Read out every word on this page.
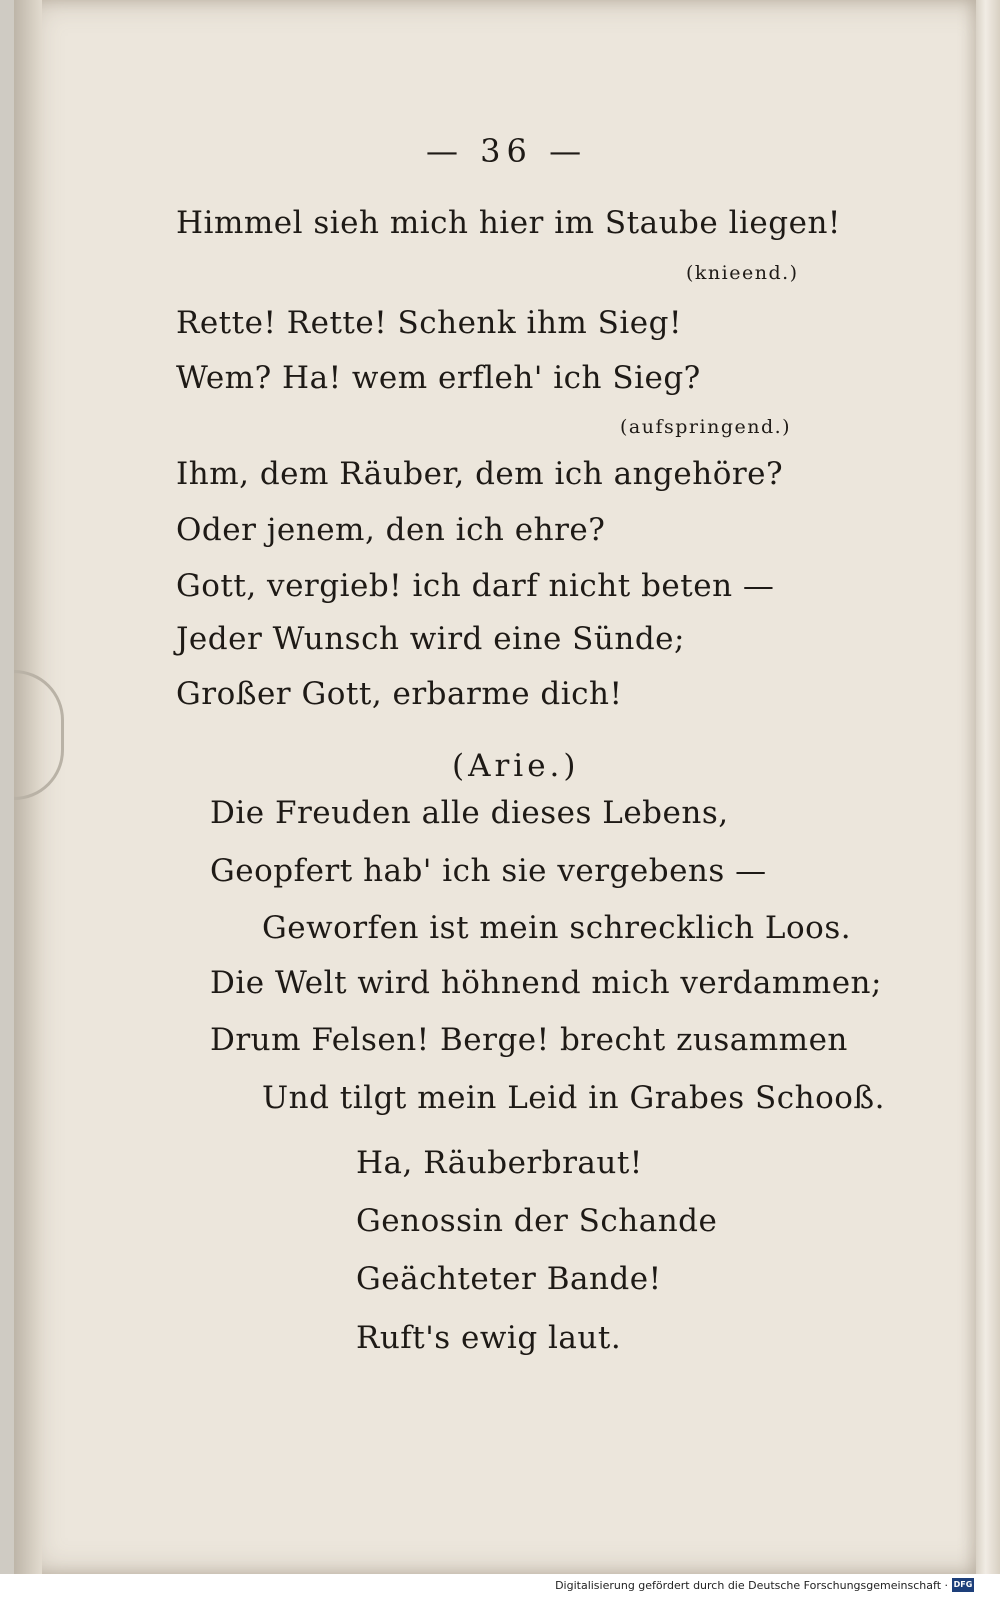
— 36 —
Himmel sieh mich hier im Staube liegen!
(knieend.)
Rette! Rette! Schenk ihm Sieg!
Wem? Ha! wem erfleh' ich Sieg?
(aufspringend.)
Ihm, dem Räuber, dem ich angehöre?
Oder jenem, den ich ehre?
Gott, vergieb! ich darf nicht beten —
Jeder Wunsch wird eine Sünde;
Großer Gott, erbarme dich!
(Arie.)
Die Freuden alle dieses Lebens,
Geopfert hab' ich sie vergebens —
Geworfen ist mein schrecklich Loos.
Die Welt wird höhnend mich verdammen;
Drum Felsen! Berge! brecht zusammen
Und tilgt mein Leid in Grabes Schooß.
Ha, Räuberbraut!
Genossin der Schande
Geächteter Bande!
Ruft's ewig laut.
Digitalisierung gefördert durch die Deutsche Forschungsgemeinschaft · DFG
